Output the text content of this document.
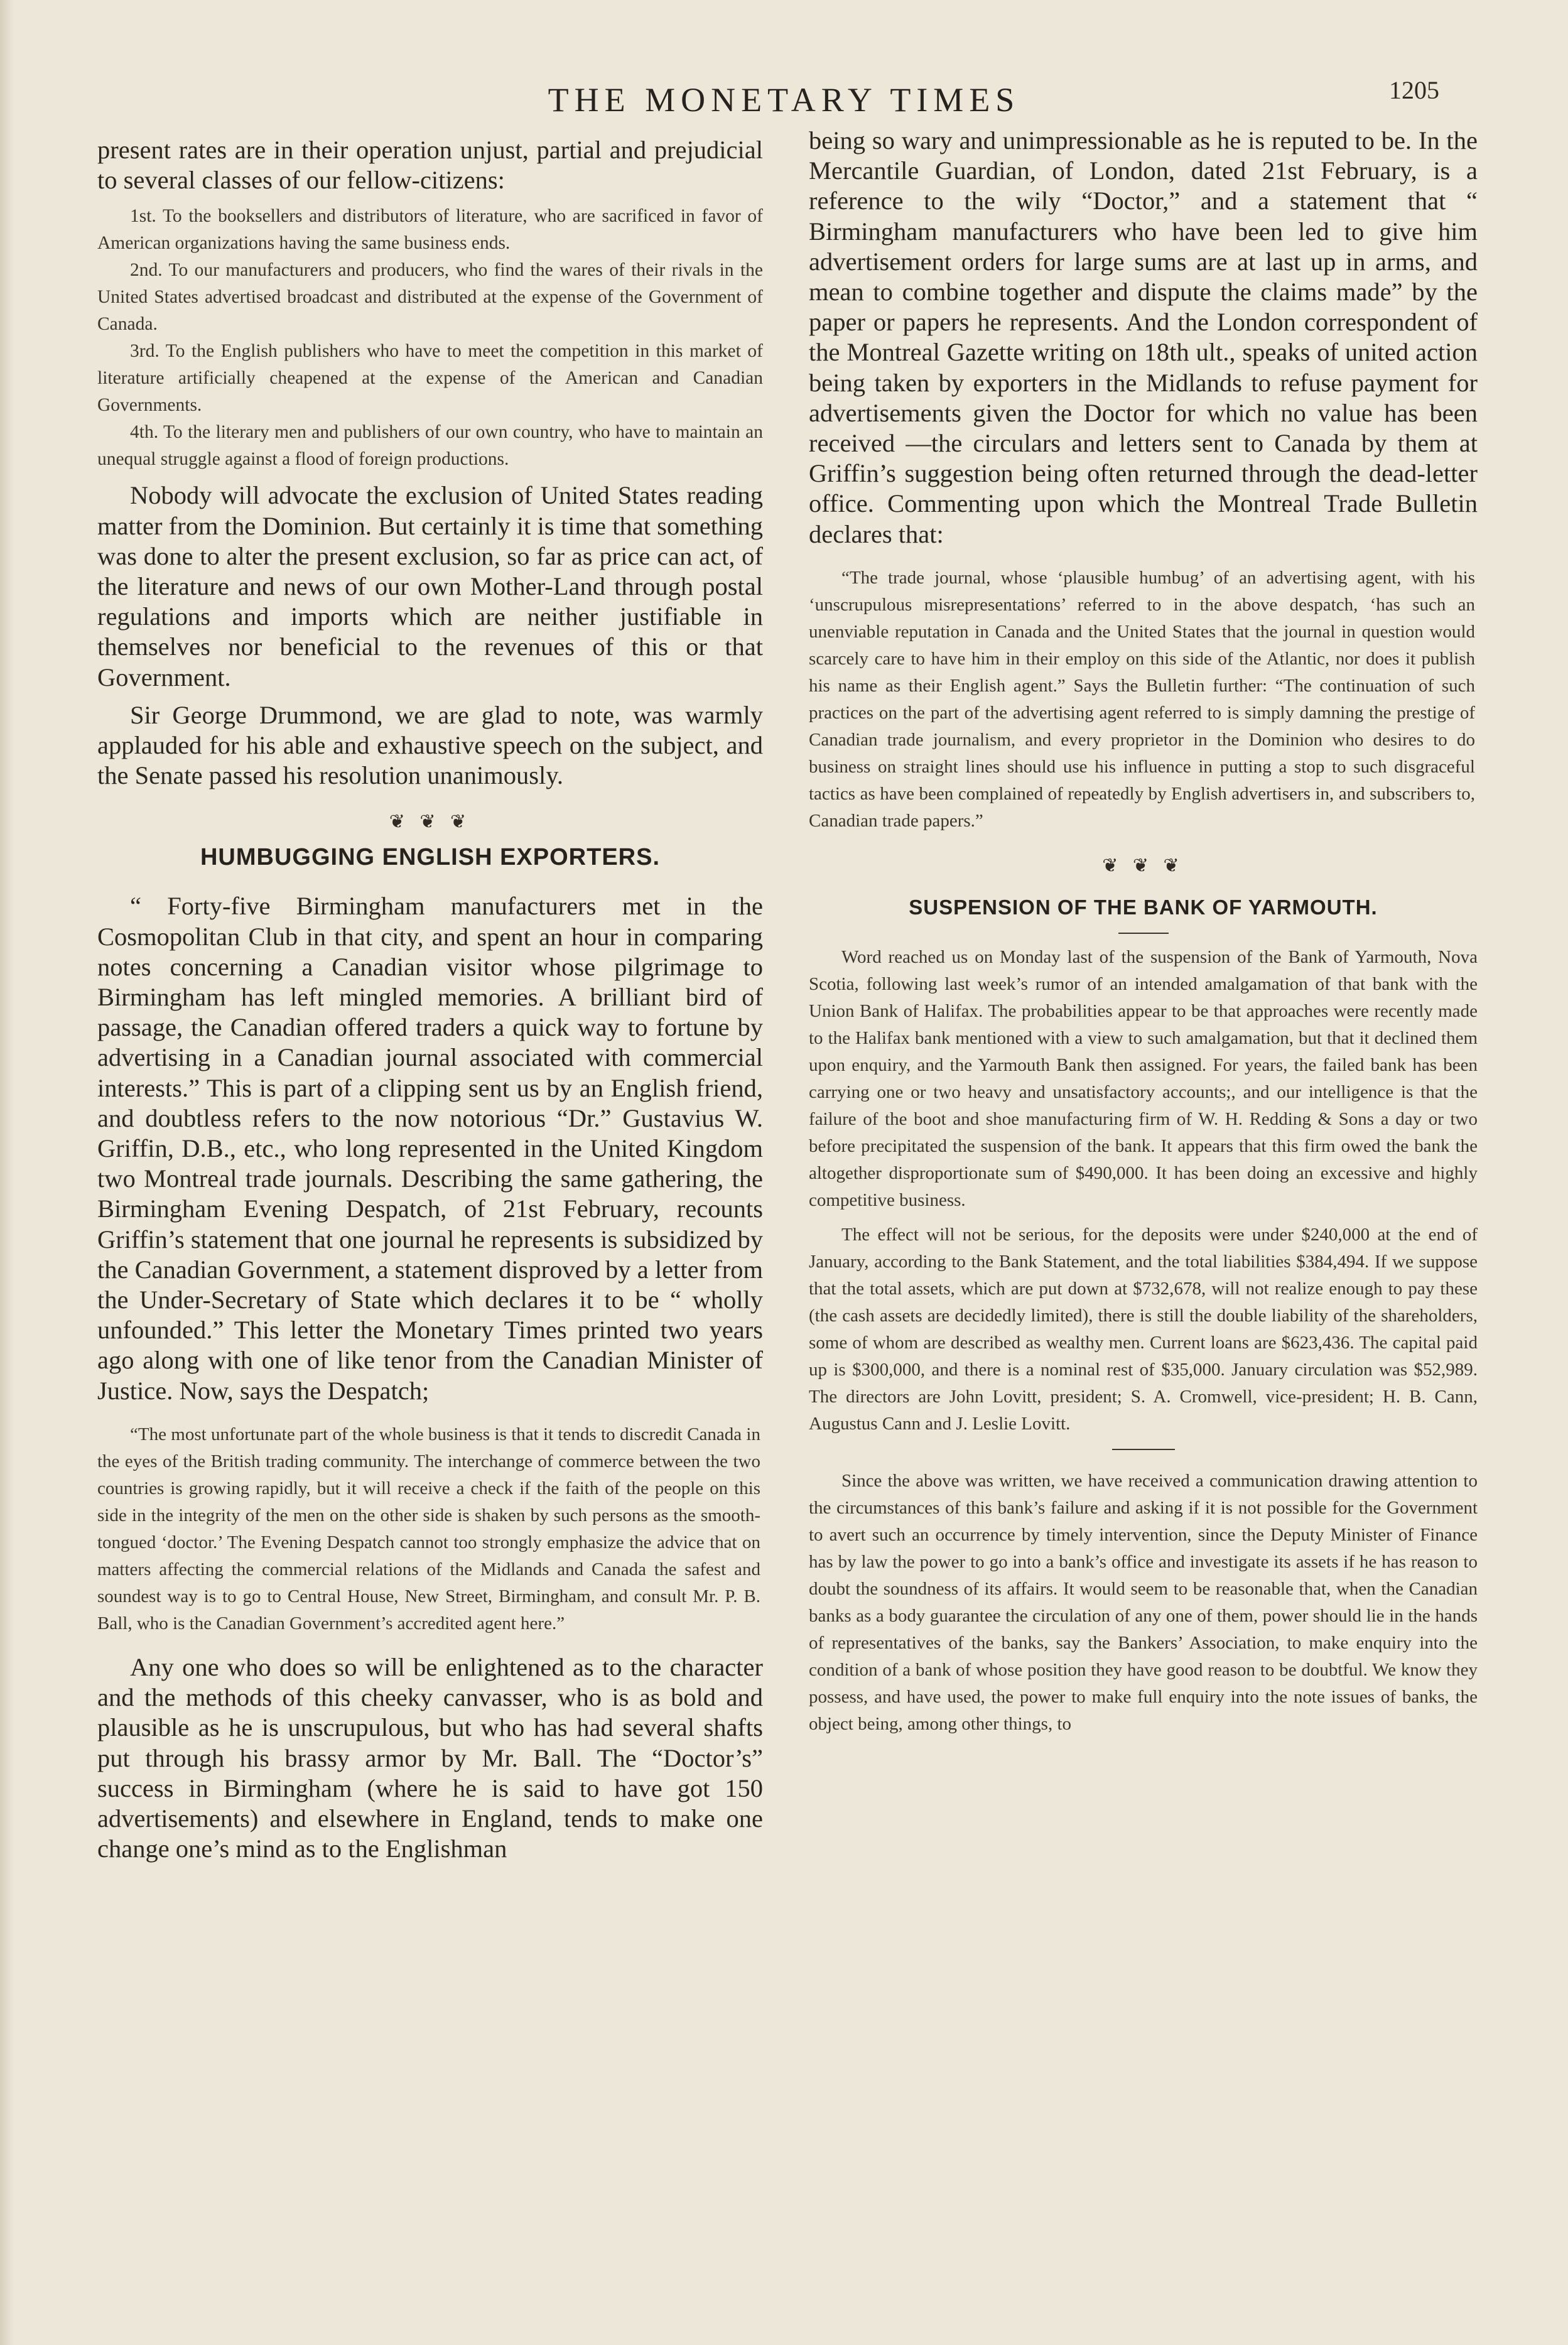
THE MONETARY TIMES	1205

present rates are in their operation unjust, partial and prejudicial to several classes of our fellow-citizens:

1st. To the booksellers and distributors of literature, who are sacrificed in favor of American organizations having the same business ends.

2nd. To our manufacturers and producers, who find the wares of their rivals in the United States advertised broadcast and distributed at the expense of the Government of Canada.

3rd. To the English publishers who have to meet the competition in this market of literature artificially cheapened at the expense of the American and Canadian Governments.

4th. To the literary men and publishers of our own country, who have to maintain an unequal struggle against a flood of foreign productions.

Nobody will advocate the exclusion of United States reading matter from the Dominion. But certainly it is time that something was done to alter the present exclusion, so far as price can act, of the literature and news of our own Mother-Land through postal regulations and imports which are neither justifiable in themselves nor beneficial to the revenues of this or that Government.

Sir George Drummond, we are glad to note, was warmly applauded for his able and exhaustive speech on the subject, and the Senate passed his resolution unanimously.

❦ ❦ ❦
HUMBUGGING ENGLISH EXPORTERS.

“ Forty-five Birmingham manufacturers met in the Cosmopolitan Club in that city, and spent an hour in comparing notes concerning a Canadian visitor whose pilgrimage to Birmingham has left mingled memories. A brilliant bird of passage, the Canadian offered traders a quick way to fortune by advertising in a Canadian journal associated with commercial interests.” This is part of a clipping sent us by an English friend, and doubtless refers to the now notorious “Dr.” Gustavius W. Griffin, D.B., etc., who long represented in the United Kingdom two Montreal trade journals. Describing the same gathering, the Birmingham Evening Despatch, of 21st February, recounts Griffin’s statement that one journal he represents is subsidized by the Canadian Government, a statement disproved by a letter from the Under-Secretary of State which declares it to be “ wholly unfounded.” This letter the Monetary Times printed two years ago along with one of like tenor from the Canadian Minister of Justice. Now, says the Despatch;

“The most unfortunate part of the whole business is that it tends to discredit Canada in the eyes of the British trading community. The interchange of commerce between the two countries is growing rapidly, but it will receive a check if the faith of the people on this side in the integrity of the men on the other side is shaken by such persons as the smooth-tongued ‘doctor.’ The Evening Despatch cannot too strongly emphasize the advice that on matters affecting the commercial relations of the Midlands and Canada the safest and soundest way is to go to Central House, New Street, Birmingham, and consult Mr. P. B. Ball, who is the Canadian Government’s accredited agent here.”

Any one who does so will be enlightened as to the character and the methods of this cheeky canvasser, who is as bold and plausible as he is unscrupulous, but who has had several shafts put through his brassy armor by Mr. Ball. The “Doctor’s” success in Birmingham (where he is said to have got 150 advertisements) and elsewhere in England, tends to make one change one’s mind as to the Englishman

being so wary and unimpressionable as he is reputed to be. In the Mercantile Guardian, of London, dated 21st February, is a reference to the wily “Doctor,” and a statement that “ Birmingham manufacturers who have been led to give him advertisement orders for large sums are at last up in arms, and mean to combine together and dispute the claims made” by the paper or papers he represents. And the London correspondent of the Montreal Gazette writing on 18th ult., speaks of united action being taken by exporters in the Midlands to refuse payment for advertisements given the Doctor for which no value has been received —the circulars and letters sent to Canada by them at Griffin’s suggestion being often returned through the dead-letter office. Commenting upon which the Montreal Trade Bulletin declares that:

“The trade journal, whose ‘plausible humbug’ of an advertising agent, with his ‘unscrupulous misrepresentations’ referred to in the above despatch, ‘has such an unenviable reputation in Canada and the United States that the journal in question would scarcely care to have him in their employ on this side of the Atlantic, nor does it publish his name as their English agent.” Says the Bulletin further: “The continuation of such practices on the part of the advertising agent referred to is simply damning the prestige of Canadian trade journalism, and every proprietor in the Dominion who desires to do business on straight lines should use his influence in putting a stop to such disgraceful tactics as have been complained of repeatedly by English advertisers in, and subscribers to, Canadian trade papers.”

❦ ❦ ❦
SUSPENSION OF THE BANK OF YARMOUTH.

Word reached us on Monday last of the suspension of the Bank of Yarmouth, Nova Scotia, following last week’s rumor of an intended amalgamation of that bank with the Union Bank of Halifax. The probabilities appear to be that approaches were recently made to the Halifax bank mentioned with a view to such amalgamation, but that it declined them upon enquiry, and the Yarmouth Bank then assigned. For years, the failed bank has been carrying one or two heavy and unsatisfactory accounts;, and our intelligence is that the failure of the boot and shoe manufacturing firm of W. H. Redding & Sons a day or two before precipitated the suspension of the bank. It appears that this firm owed the bank the altogether disproportionate sum of $490,000. It has been doing an excessive and highly competitive business.

The effect will not be serious, for the deposits were under $240,000 at the end of January, according to the Bank Statement, and the total liabilities $384,494. If we suppose that the total assets, which are put down at $732,678, will not realize enough to pay these (the cash assets are decidedly limited), there is still the double liability of the shareholders, some of whom are described as wealthy men. Current loans are $623,436. The capital paid up is $300,000, and there is a nominal rest of $35,000. January circulation was $52,989. The directors are John Lovitt, president; S. A. Cromwell, vice-president; H. B. Cann, Augustus Cann and J. Leslie Lovitt.

Since the above was written, we have received a communication drawing attention to the circumstances of this bank’s failure and asking if it is not possible for the Government to avert such an occurrence by timely intervention, since the Deputy Minister of Finance has by law the power to go into a bank’s office and investigate its assets if he has reason to doubt the soundness of its affairs. It would seem to be reasonable that, when the Canadian banks as a body guarantee the circulation of any one of them, power should lie in the hands of representatives of the banks, say the Bankers’ Association, to make enquiry into the condition of a bank of whose position they have good reason to be doubtful. We know they possess, and have used, the power to make full enquiry into the note issues of banks, the object being, among other things, to
